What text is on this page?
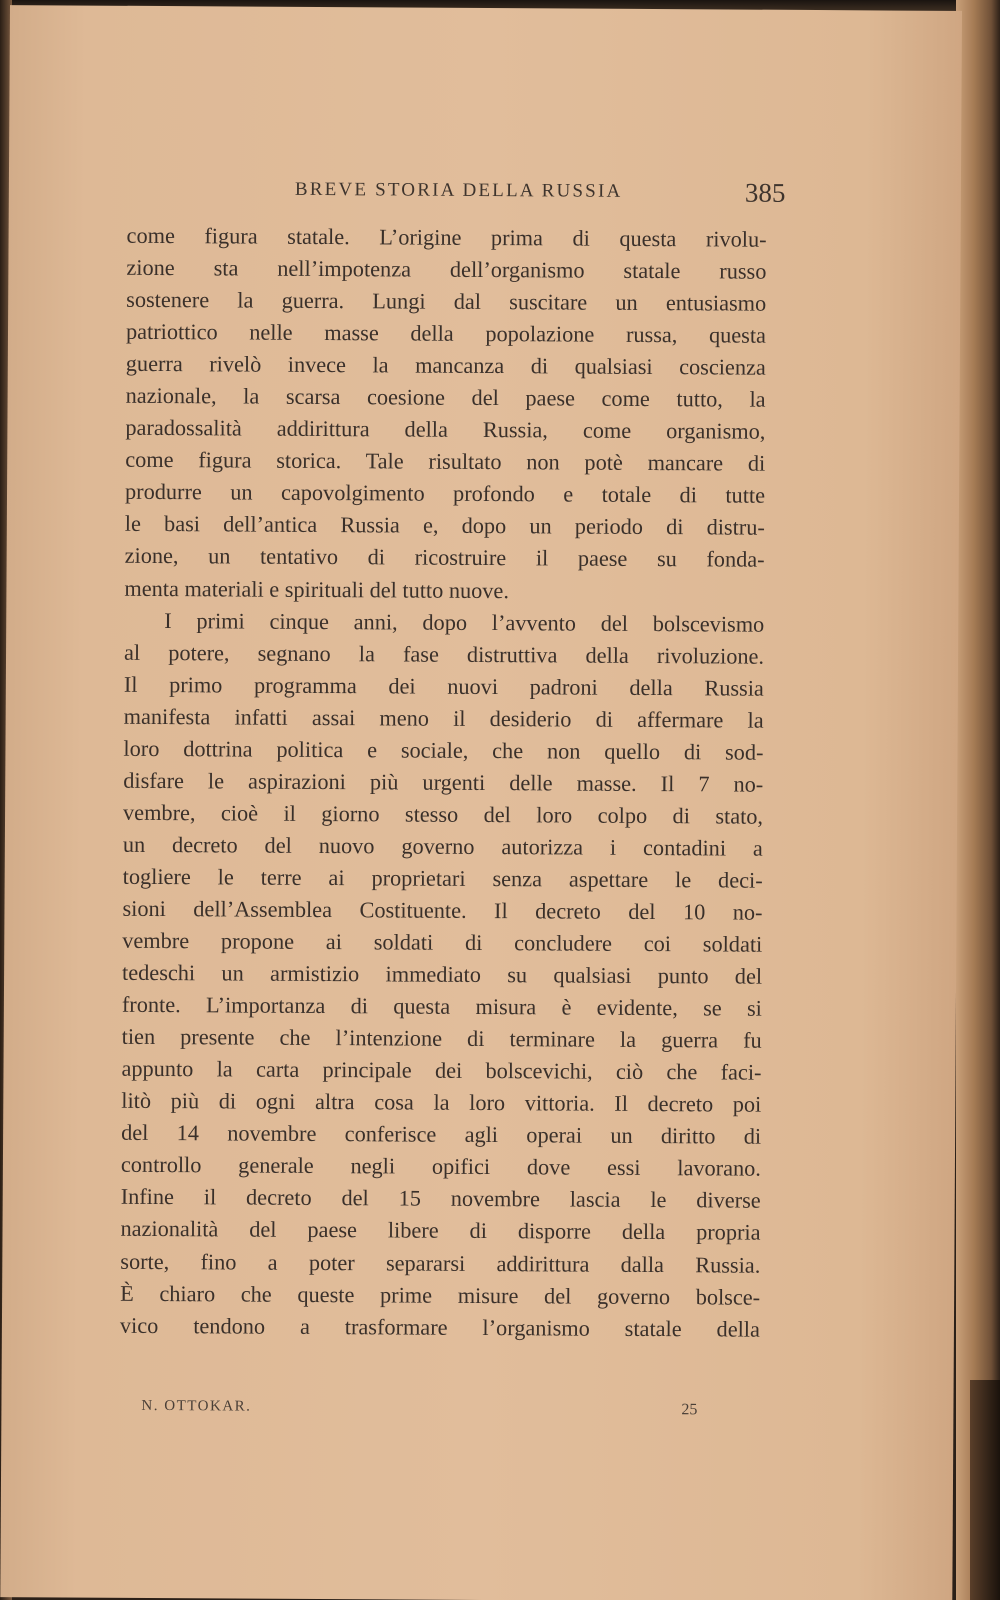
BREVE STORIA DELLA RUSSIA	385
come figura statale. L’origine prima di questa rivolu-
zione sta nell’impotenza dell’organismo statale russo
sostenere la guerra. Lungi dal suscitare un entusiasmo
patriottico nelle masse della popolazione russa, questa
guerra rivelò invece la mancanza di qualsiasi coscienza
nazionale, la scarsa coesione del paese come tutto, la
paradossalità addirittura della Russia, come organismo,
come figura storica. Tale risultato non potè mancare di
produrre un capovolgimento profondo e totale di tutte
le basi dell’antica Russia e, dopo un periodo di distru-
zione, un tentativo di ricostruire il paese su fonda-
menta materiali e spirituali del tutto nuove.
I primi cinque anni, dopo l’avvento del bolscevismo
al potere, segnano la fase distruttiva della rivoluzione.
Il primo programma dei nuovi padroni della Russia
manifesta infatti assai meno il desiderio di affermare la
loro dottrina politica e sociale, che non quello di sod-
disfare le aspirazioni più urgenti delle masse. Il 7 no-
vembre, cioè il giorno stesso del loro colpo di stato,
un decreto del nuovo governo autorizza i contadini a
togliere le terre ai proprietari senza aspettare le deci-
sioni dell’Assemblea Costituente. Il decreto del 10 no-
vembre propone ai soldati di concludere coi soldati
tedeschi un armistizio immediato su qualsiasi punto del
fronte. L’importanza di questa misura è evidente, se si
tien presente che l’intenzione di terminare la guerra fu
appunto la carta principale dei bolscevichi, ciò che faci-
litò più di ogni altra cosa la loro vittoria. Il decreto poi
del 14 novembre conferisce agli operai un diritto di
controllo generale negli opifici dove essi lavorano.
Infine il decreto del 15 novembre lascia le diverse
nazionalità del paese libere di disporre della propria
sorte, fino a poter separarsi addirittura dalla Russia.
È chiaro che queste prime misure del governo bolsce-
vico tendono a trasformare l’organismo statale della
N. OTTOKAR.	25
